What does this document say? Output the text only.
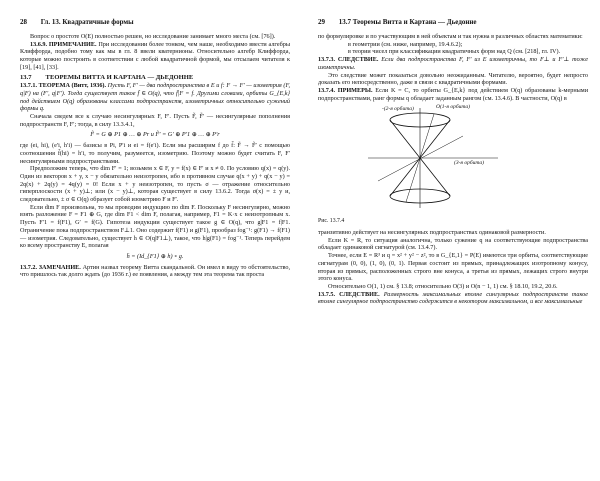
28 Гл. 13. Квадратичные формы

Вопрос о простоте O(E) полностью решен, но исследование занимает много места (см. [76]).

13.6.9. ПРИМЕЧАНИЕ. При исследовании более тонком, чем наше, необходимо ввести алгебры Клиффорда, подобно тому как мы в гл. 8 ввели кватернионы. Относительно алгебр Клиффорда, которые можно построить в соответствии с любой квадратичной формой, мы отсылаем читателя к [19], [41], [33].

13.7 ТЕОРЕМЫ ВИТТА И КАРТАНА — ДЬЕДОННЕ

13.7.1. ТЕОРЕМА (Витт, 1936). Пусть F, F′ — два подпространства в E и f: F → F′ — изометрия (F, q|F) на (F′, q|F′). Тогда существует такое f̄ ∈ O(q), что f̄|F = f. Другими словами, орбиты G_{E,k} под действием O(q) образованы классами подпространств, изометричных относительно сужений формы q.

Сначала сведем все к случаю несингулярных F, F′. Пусть F̃, F̃′ — несингулярные пополнения подпространств F, F′; тогда, в силу 13.3.4.1,

F̃ = G ⊕ P1 ⊕ … ⊕ Pr и F̃′ = G′ ⊕ P′1 ⊕ … ⊕ P′r

где (ei, hi), (e′i, h′i) — базисы в Pi, P′i и ei = f(e′i). Если мы расширим f до f̃: F̃ → F̃′ с помощью соотношения f̃(hi) = h′i, то получим, разумеется, изометрию. Поэтому можно будет считать F, F′ несингулярными подпространствами.

Предположим теперь, что dim F′ = 1; возьмем x ∈ F, y = f(x) ∈ F′ и x ≠ 0. По условию q(x) = q(y). Один из векторов x + y, x − y обязательно неизотропен, ибо в противном случае q(x + y) + q(x − y) = 2q(x) + 2q(y) = 4q(y) = 0! Если x + y неизотропен, то пусть σ — отражение относительно гиперплоскости (x + y)⊥; или (x − y)⊥, которая существует в силу 13.6.2. Тогда σ(x) = ± y и, следовательно, ± σ ∈ O(q) образует собой изометрию F и F′.

Если dim F произвольна, то мы проводим индукцию по dim F. Поскольку F несингулярно, можно взять разложение F = F1 ⊕ G, где dim F1 < dim F, полагая, например, F1 = K·x с неизотропным x. Пусть F′1 = f(F1), G′ = f(G). Гипотеза индукции существует такое g ∈ O(q), что g|F1 = f|F1. Ограничение пока подпространством F⊥1. Оно содержит f(F1) и g(F1), прообраз fog⁻¹: g(F1) → f(F1) — изометрия. Следовательно, существует h ∈ O(q|F1⊥), такое, что h|g(F1) = fog⁻¹. Теперь перейдем ко всему пространству E, полагая

h̄ = (Id_{F1} ⊕ h) ∘ g.

13.7.2. ЗАМЕЧАНИЕ. Артин назвал теорему Витта скандальной. Он имел в виду то обстоятельство, что пришлось так долго ждать (до 1936 г.) ее появления, а между тем эта теорема так проста

29 13.7 Теоремы Витта и Картана — Дьедонне

по формулировке и по участвующим в ней объектам и так нужна в различных областях математики:

в геометрии (см. ниже, например, 19.4.6.2);
в теории чисел при классификации квадратичных форм над Q (см. [218], гл. IV).

13.7.3. СЛЕДСТВИЕ. Если два подпространства F, F′ из E изометричны, то F⊥ и F′⊥ тоже изометричны.

Это следствие может показаться довольно неожиданным. Читателю, вероятно, будет непросто доказать его непосредственно, даже в связи с квадратичными формами.

13.7.4. ПРИМЕРЫ. Если K = C, то орбиты G_{E,k} под действием O(q) образованы k-мерными подпространствами, ранг формы q обладает заданным рангом (см. 13.4.6). В частности, O(q) в

-(2-я орбита)	O(1-я орбита)
(3-я орбита)

Рис. 13.7.4

транзитивно действует на несингулярных подпространствах одинаковой размерности.

Если K = R, то ситуация аналогична, только сужение q на соответствующие подпространства обладает одинаковой сигнатурой (см. 13.4.7).

Точнее, если E = R³ и q = x² + y² − z², то в G_{E,1} = P(E) имеются три орбиты, соответствующие сигнатурам (0, 0), (1, 0), (0, 1). Первая состоит из прямых, принадлежащих изотропному конусу, вторая из прямых, расположенных строго вне конуса, а третья из прямых, лежащих строго внутри этого конуса.

Относительно O(1, 1) см. § 13.8; относительно O(3) и O(n − 1, 1) см. § 18.10, 19.2, 20.6.

13.7.5. СЛЕДСТВИЕ. Размерность максимальных вполне сингулярных подпространств такое вполне сингулярное подпространство содержится в некотором максимальном, и все максимальные
